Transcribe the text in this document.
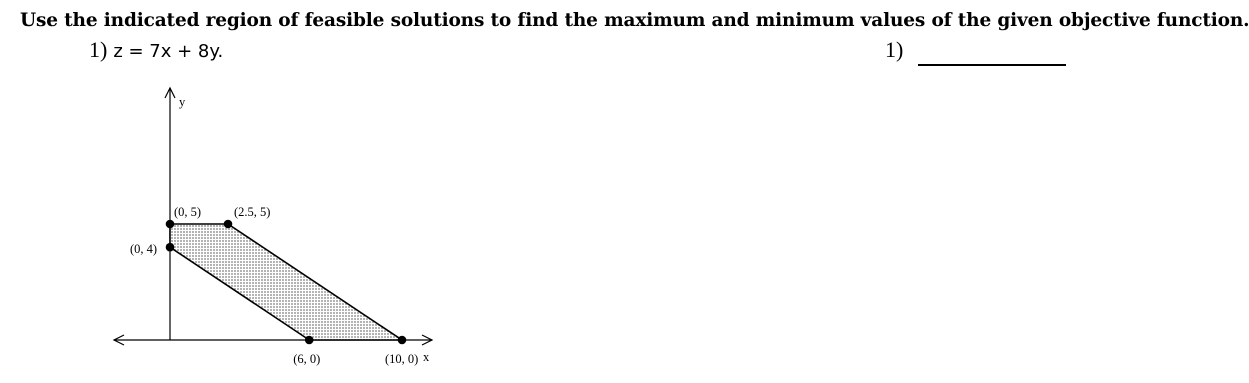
Use the indicated region of feasible solutions to find the maximum and minimum values of the given objective function.
1) z = 7x + 8y.	1)
(0, 4)
(0, 5)	(2.5, 5)
(10, 0)
(6, 0)
y
x
